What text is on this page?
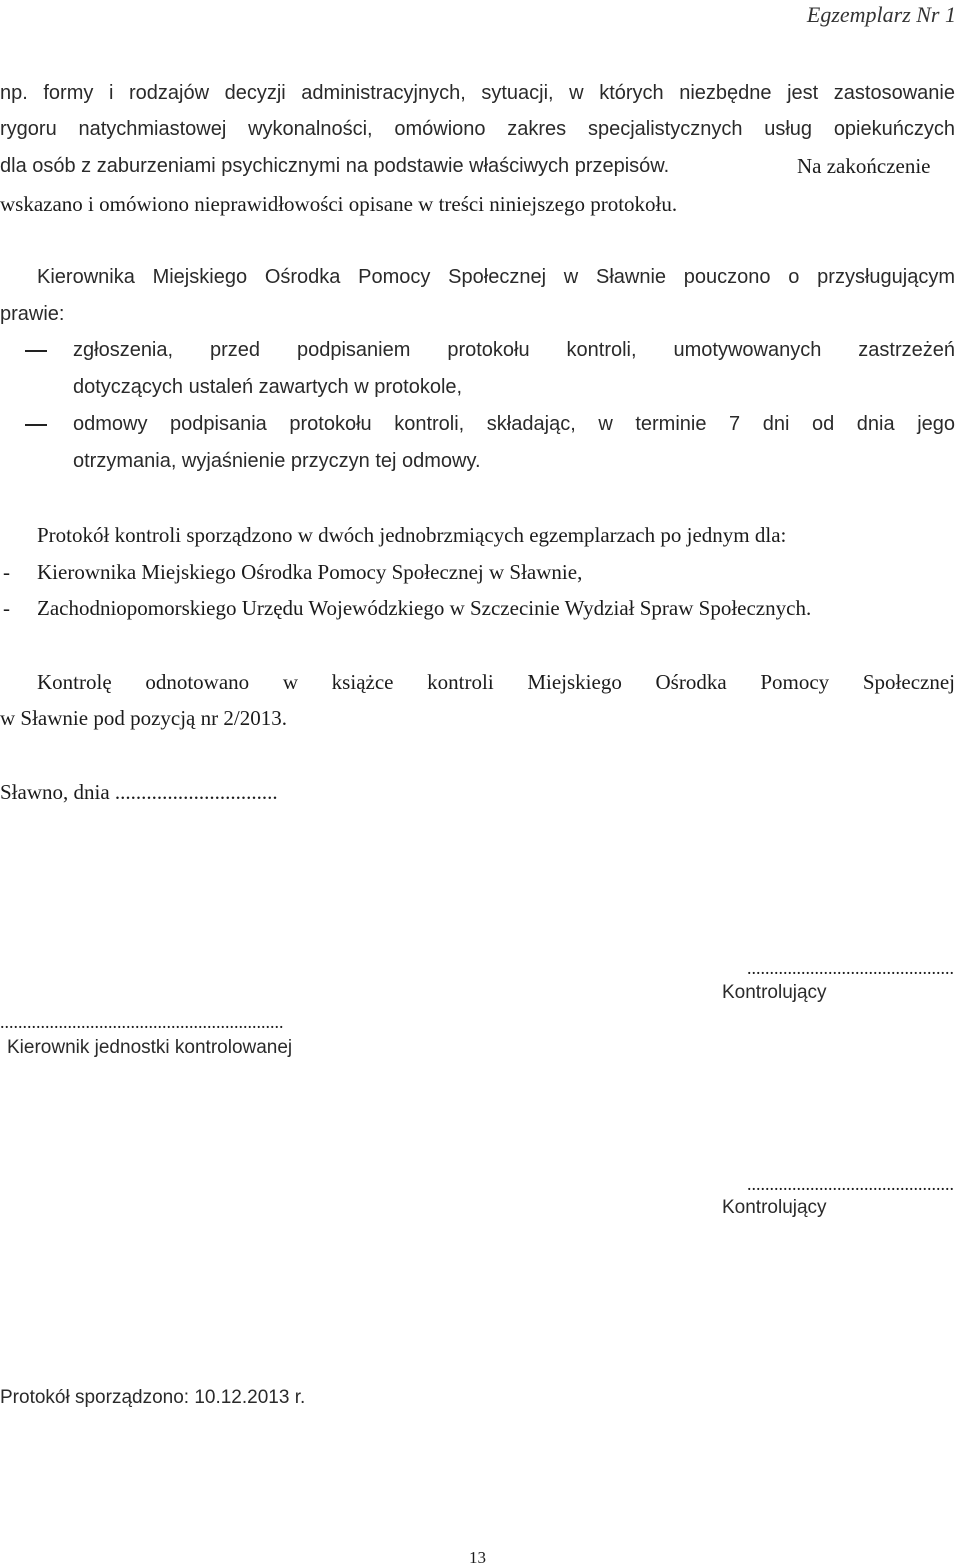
Egzemplarz Nr 1
np. formy i rodzajów decyzji administracyjnych, sytuacji, w których niezbędne jest zastosowanie
rygoru natychmiastowej wykonalności, omówiono zakres specjalistycznych usług opiekuńczych
dla osób z zaburzeniami psychicznymi na podstawie właściwych przepisów.	Na zakończenie
wskazano i omówiono nieprawidłowości opisane w treści niniejszego protokołu.
Kierownika Miejskiego Ośrodka Pomocy Społecznej w Sławnie pouczono o przysługującym
prawie:
zgłoszenia, przed podpisaniem protokołu kontroli, umotywowanych zastrzeżeń
dotyczących ustaleń zawartych w protokole,
odmowy podpisania protokołu kontroli, składając, w terminie 7 dni od dnia jego
otrzymania, wyjaśnienie przyczyn tej odmowy.
Protokół kontroli sporządzono w dwóch jednobrzmiących egzemplarzach po jednym dla:
- Kierownika Miejskiego Ośrodka Pomocy Społecznej w Sławnie,
- Zachodniopomorskiego Urzędu Wojewódzkiego w Szczecinie Wydział Spraw Społecznych.
Kontrolę odnotowano w książce kontroli Miejskiego Ośrodka Pomocy Społecznej
w Sławnie pod pozycją nr 2/2013.
Sławno, dnia ...............................
..............................................
Kontrolujący
...............................................................
Kierownik jednostki kontrolowanej
..............................................
Kontrolujący
Protokół sporządzono: 10.12.2013 r.
13
